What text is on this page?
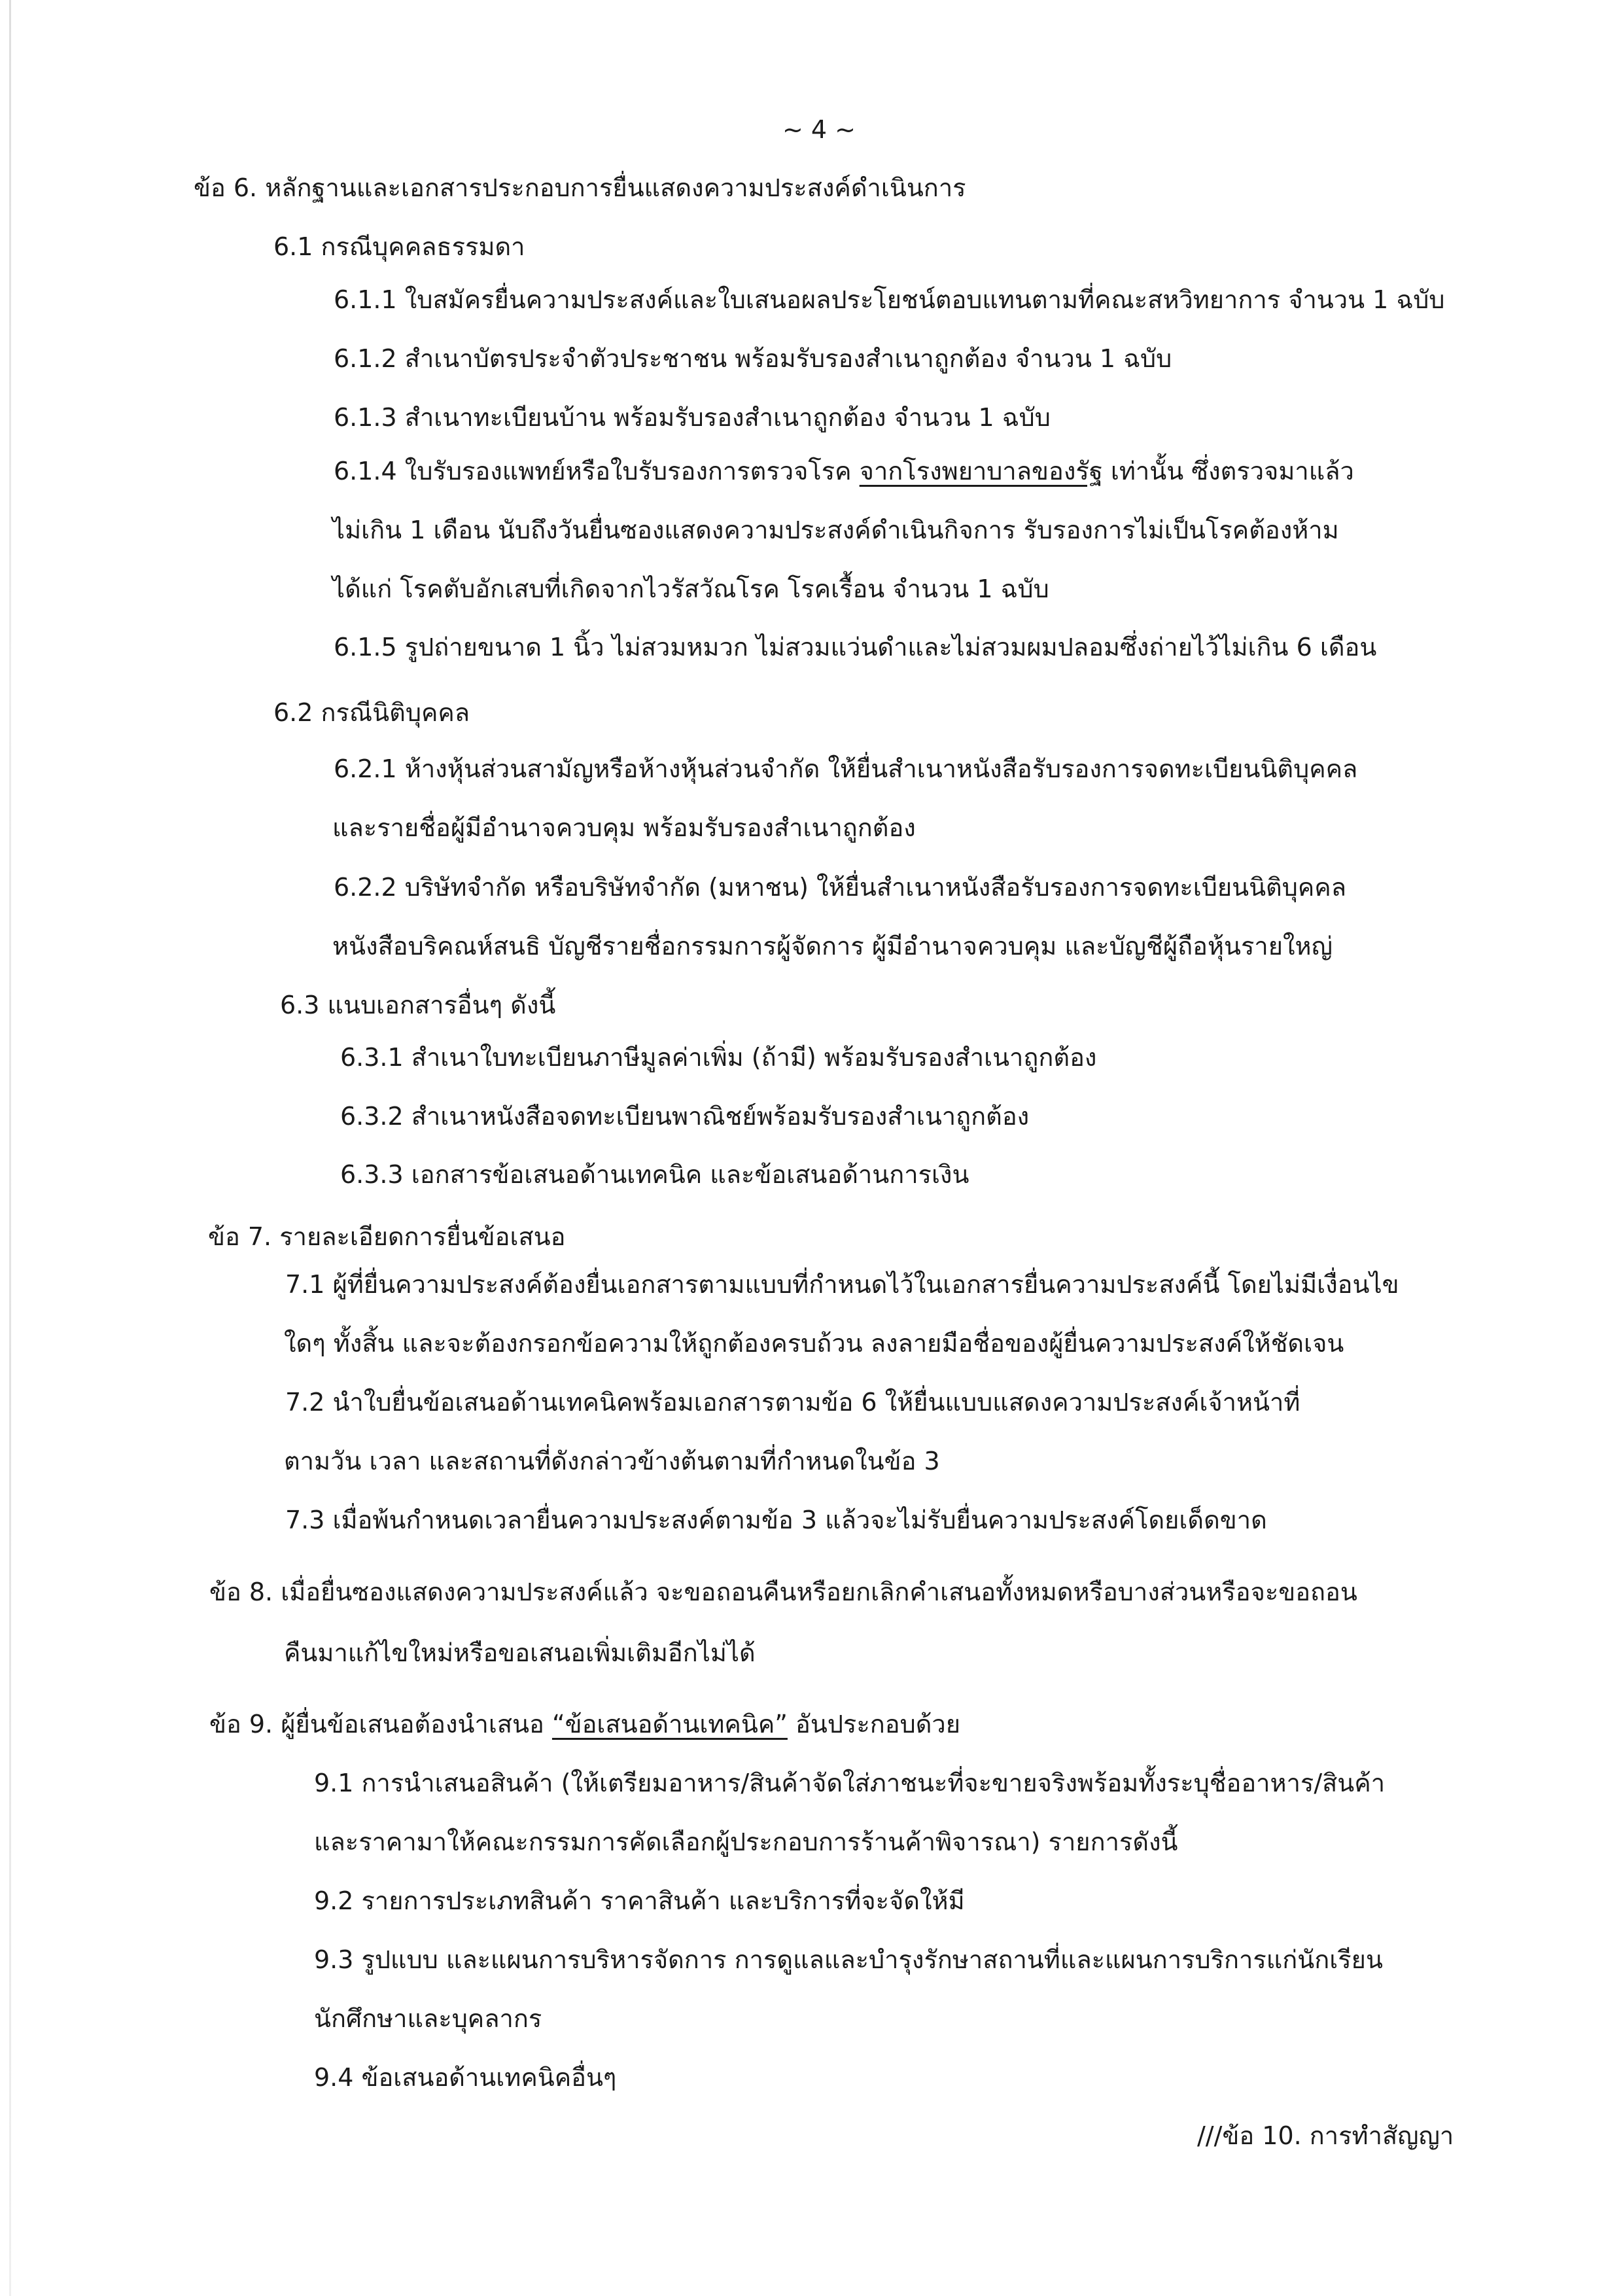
~ 4 ~
ข้อ 6. หลักฐานและเอกสารประกอบการยื่นแสดงความประสงค์ดำเนินการ
6.1 กรณีบุคคลธรรมดา
6.1.1 ใบสมัครยื่นความประสงค์และใบเสนอผลประโยชน์ตอบแทนตามที่คณะสหวิทยาการ จำนวน 1 ฉบับ
6.1.2 สำเนาบัตรประจำตัวประชาชน พร้อมรับรองสำเนาถูกต้อง จำนวน 1 ฉบับ
6.1.3 สำเนาทะเบียนบ้าน พร้อมรับรองสำเนาถูกต้อง จำนวน 1 ฉบับ
6.1.4 ใบรับรองแพทย์หรือใบรับรองการตรวจโรค จากโรงพยาบาลของรัฐ เท่านั้น ซึ่งตรวจมาแล้ว
ไม่เกิน 1 เดือน นับถึงวันยื่นซองแสดงความประสงค์ดำเนินกิจการ รับรองการไม่เป็นโรคต้องห้าม
ได้แก่ โรคตับอักเสบที่เกิดจากไวรัสวัณโรค โรคเรื้อน จำนวน 1 ฉบับ
6.1.5 รูปถ่ายขนาด 1 นิ้ว ไม่สวมหมวก ไม่สวมแว่นดำและไม่สวมผมปลอมซึ่งถ่ายไว้ไม่เกิน 6 เดือน
6.2 กรณีนิติบุคคล
6.2.1 ห้างหุ้นส่วนสามัญหรือห้างหุ้นส่วนจำกัด ให้ยื่นสำเนาหนังสือรับรองการจดทะเบียนนิติบุคคล
และรายชื่อผู้มีอำนาจควบคุม พร้อมรับรองสำเนาถูกต้อง
6.2.2 บริษัทจำกัด หรือบริษัทจำกัด (มหาชน) ให้ยื่นสำเนาหนังสือรับรองการจดทะเบียนนิติบุคคล
หนังสือบริคณห์สนธิ บัญชีรายชื่อกรรมการผู้จัดการ ผู้มีอำนาจควบคุม และบัญชีผู้ถือหุ้นรายใหญ่
6.3 แนบเอกสารอื่นๆ ดังนี้
6.3.1 สำเนาใบทะเบียนภาษีมูลค่าเพิ่ม (ถ้ามี) พร้อมรับรองสำเนาถูกต้อง
6.3.2 สำเนาหนังสือจดทะเบียนพาณิชย์พร้อมรับรองสำเนาถูกต้อง
6.3.3 เอกสารข้อเสนอด้านเทคนิค และข้อเสนอด้านการเงิน
ข้อ 7. รายละเอียดการยื่นข้อเสนอ
7.1 ผู้ที่ยื่นความประสงค์ต้องยื่นเอกสารตามแบบที่กำหนดไว้ในเอกสารยื่นความประสงค์นี้ โดยไม่มีเงื่อนไข
ใดๆ ทั้งสิ้น และจะต้องกรอกข้อความให้ถูกต้องครบถ้วน ลงลายมือชื่อของผู้ยื่นความประสงค์ให้ชัดเจน
7.2 นำใบยื่นข้อเสนอด้านเทคนิคพร้อมเอกสารตามข้อ 6 ให้ยื่นแบบแสดงความประสงค์เจ้าหน้าที่
ตามวัน เวลา และสถานที่ดังกล่าวข้างต้นตามที่กำหนดในข้อ 3
7.3 เมื่อพ้นกำหนดเวลายื่นความประสงค์ตามข้อ 3 แล้วจะไม่รับยื่นความประสงค์โดยเด็ดขาด
ข้อ 8. เมื่อยื่นซองแสดงความประสงค์แล้ว จะขอถอนคืนหรือยกเลิกคำเสนอทั้งหมดหรือบางส่วนหรือจะขอถอน
คืนมาแก้ไขใหม่หรือขอเสนอเพิ่มเติมอีกไม่ได้
ข้อ 9. ผู้ยื่นข้อเสนอต้องนำเสนอ “ข้อเสนอด้านเทคนิค” อันประกอบด้วย
9.1 การนำเสนอสินค้า (ให้เตรียมอาหาร/สินค้าจัดใส่ภาชนะที่จะขายจริงพร้อมทั้งระบุชื่ออาหาร/สินค้า
และราคามาให้คณะกรรมการคัดเลือกผู้ประกอบการร้านค้าพิจารณา) รายการดังนี้
9.2 รายการประเภทสินค้า ราคาสินค้า และบริการที่จะจัดให้มี
9.3 รูปแบบ และแผนการบริหารจัดการ การดูแลและบำรุงรักษาสถานที่และแผนการบริการแก่นักเรียน
นักศึกษาและบุคลากร
9.4 ข้อเสนอด้านเทคนิคอื่นๆ
///ข้อ 10. การทำสัญญา
